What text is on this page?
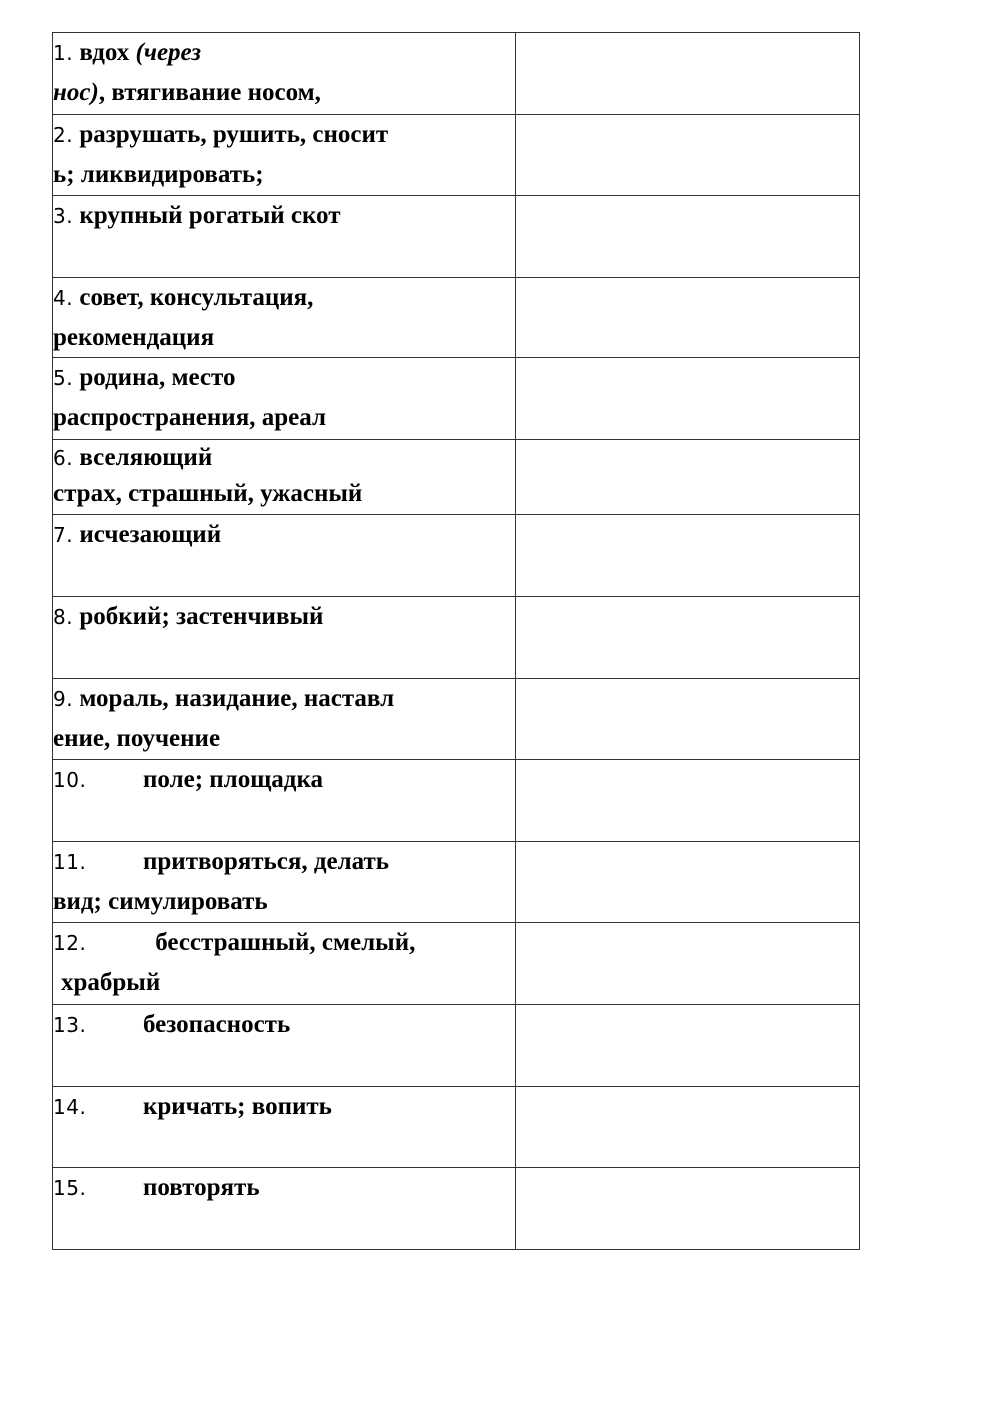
1. вдох (через
нос), втягивание носом,	
2. разрушать, рушить, сносит
ь; ликвидировать;	
3. крупный рогатый скот	
4. совет, консультация,
рекомендация	
5. родина, место
распространения, ареал	
6. вселяющий
страх, страшный, ужасный	
7. исчезающий	
8. робкий; застенчивый	
9. мораль, назидание, наставл
ение, поучение	
10. поле; площадка	
11. притворяться, делать
вид; симулировать	
12. бесстрашный, смелый,
храбрый	
13. безопасность	
14. кричать; вопить	
15. повторять	
